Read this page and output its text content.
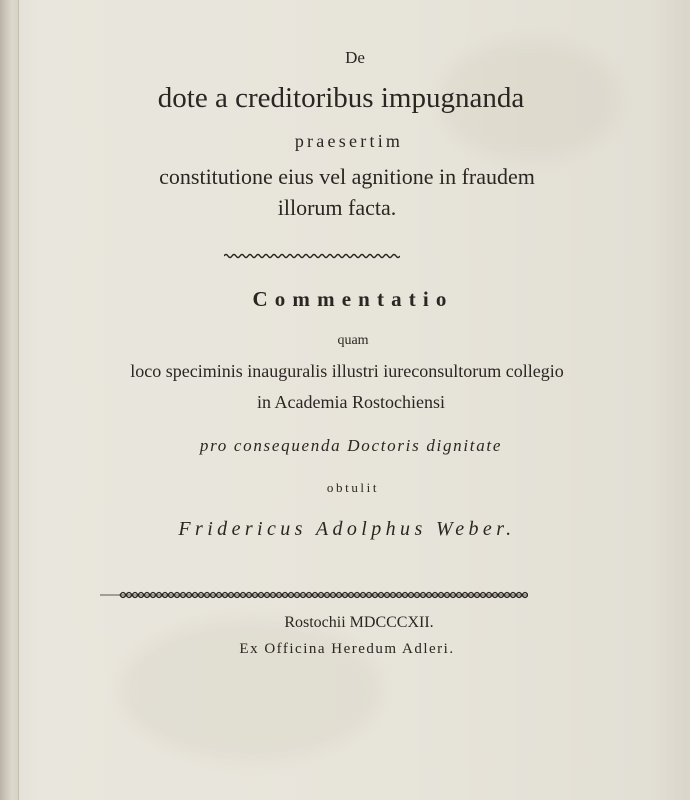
De
dote a creditoribus impugnanda
praesertim
constitutione eius vel agnitione in fraudem
illorum facta.
Commentatio
quam
loco speciminis inauguralis illustri iureconsultorum collegio
in Academia Rostochiensi
pro consequenda Doctoris dignitate
obtulit
Fridericus Adolphus Weber.
Rostochii MDCCCXII.
Ex Officina Heredum Adleri.
